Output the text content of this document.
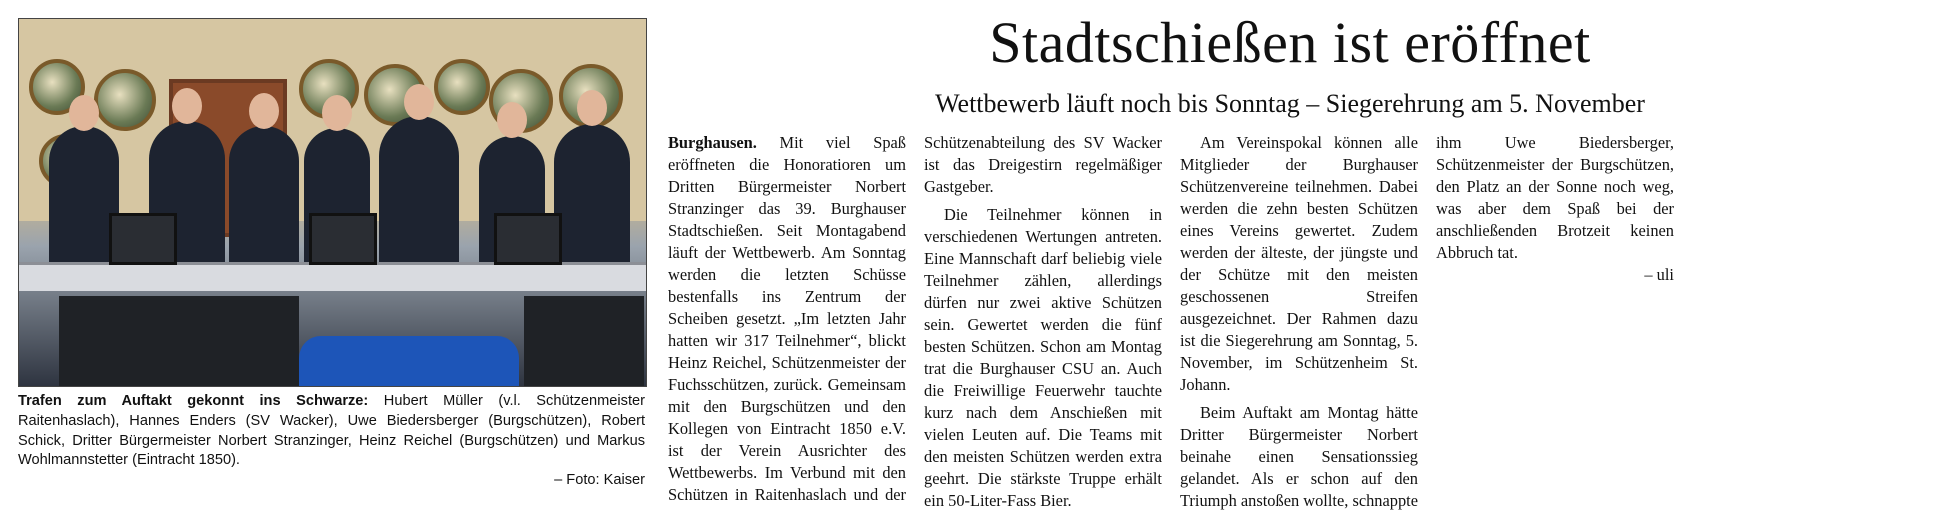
Trafen zum Auftakt gekonnt ins Schwarze: Hubert Müller (v.l. Schützenmeister Raitenhaslach), Hannes Enders (SV Wacker), Uwe Biedersberger (Burgschützen), Robert Schick, Dritter Bürgermeister Norbert Stranzinger, Heinz Reichel (Burgschützen) und Markus Wohlmannstetter (Eintracht 1850).
– Foto: Kaiser
Stadtschießen ist eröffnet
Wettbewerb läuft noch bis Sonntag – Siegerehrung am 5. November

Burghausen. Mit viel Spaß eröffneten die Honoratioren um Dritten Bürgermeister Norbert Stranzinger das 39. Burghauser Stadtschießen. Seit Montagabend läuft der Wettbewerb. Am Sonntag werden die letzten Schüsse bestenfalls ins Zentrum der Scheiben gesetzt. „Im letzten Jahr hatten wir 317 Teilnehmer“, blickt Heinz Reichel, Schützenmeister der Fuchsschützen, zurück. Gemeinsam mit den Burgschützen und den Kollegen von Eintracht 1850 e.V. ist der Verein Ausrichter des Wettbewerbs. Im Verbund mit den Schützen in Raitenhaslach und der Schützenabteilung des SV Wacker ist das Dreigestirn regelmäßiger Gastgeber.

Die Teilnehmer können in verschiedenen Wertungen antreten. Eine Mannschaft darf beliebig viele Teilnehmer zählen, allerdings dürfen nur zwei aktive Schützen sein. Gewertet werden die fünf besten Schützen. Schon am Montag trat die Burghauser CSU an. Auch die Freiwillige Feuerwehr tauchte kurz nach dem Anschießen mit vielen Leuten auf. Die Teams mit den meisten Schützen werden extra geehrt. Die stärkste Truppe erhält ein 50-Liter-Fass Bier.

Am Vereinspokal können alle Mitglieder der Burghauser Schützenvereine teilnehmen. Dabei werden die zehn besten Schützen eines Vereins gewertet. Zudem werden der älteste, der jüngste und der Schütze mit den meisten geschossenen Streifen ausgezeichnet. Der Rahmen dazu ist die Siegerehrung am Sonntag, 5. November, im Schützenheim St. Johann.

Beim Auftakt am Montag hätte Dritter Bürgermeister Norbert beinahe einen Sensationssieg gelandet. Als er schon auf den Triumph anstoßen wollte, schnappte ihm Uwe Biedersberger, Schützenmeister der Burgschützen, den Platz an der Sonne noch weg, was aber dem Spaß bei der anschließenden Brotzeit keinen Abbruch tat.
– uli
